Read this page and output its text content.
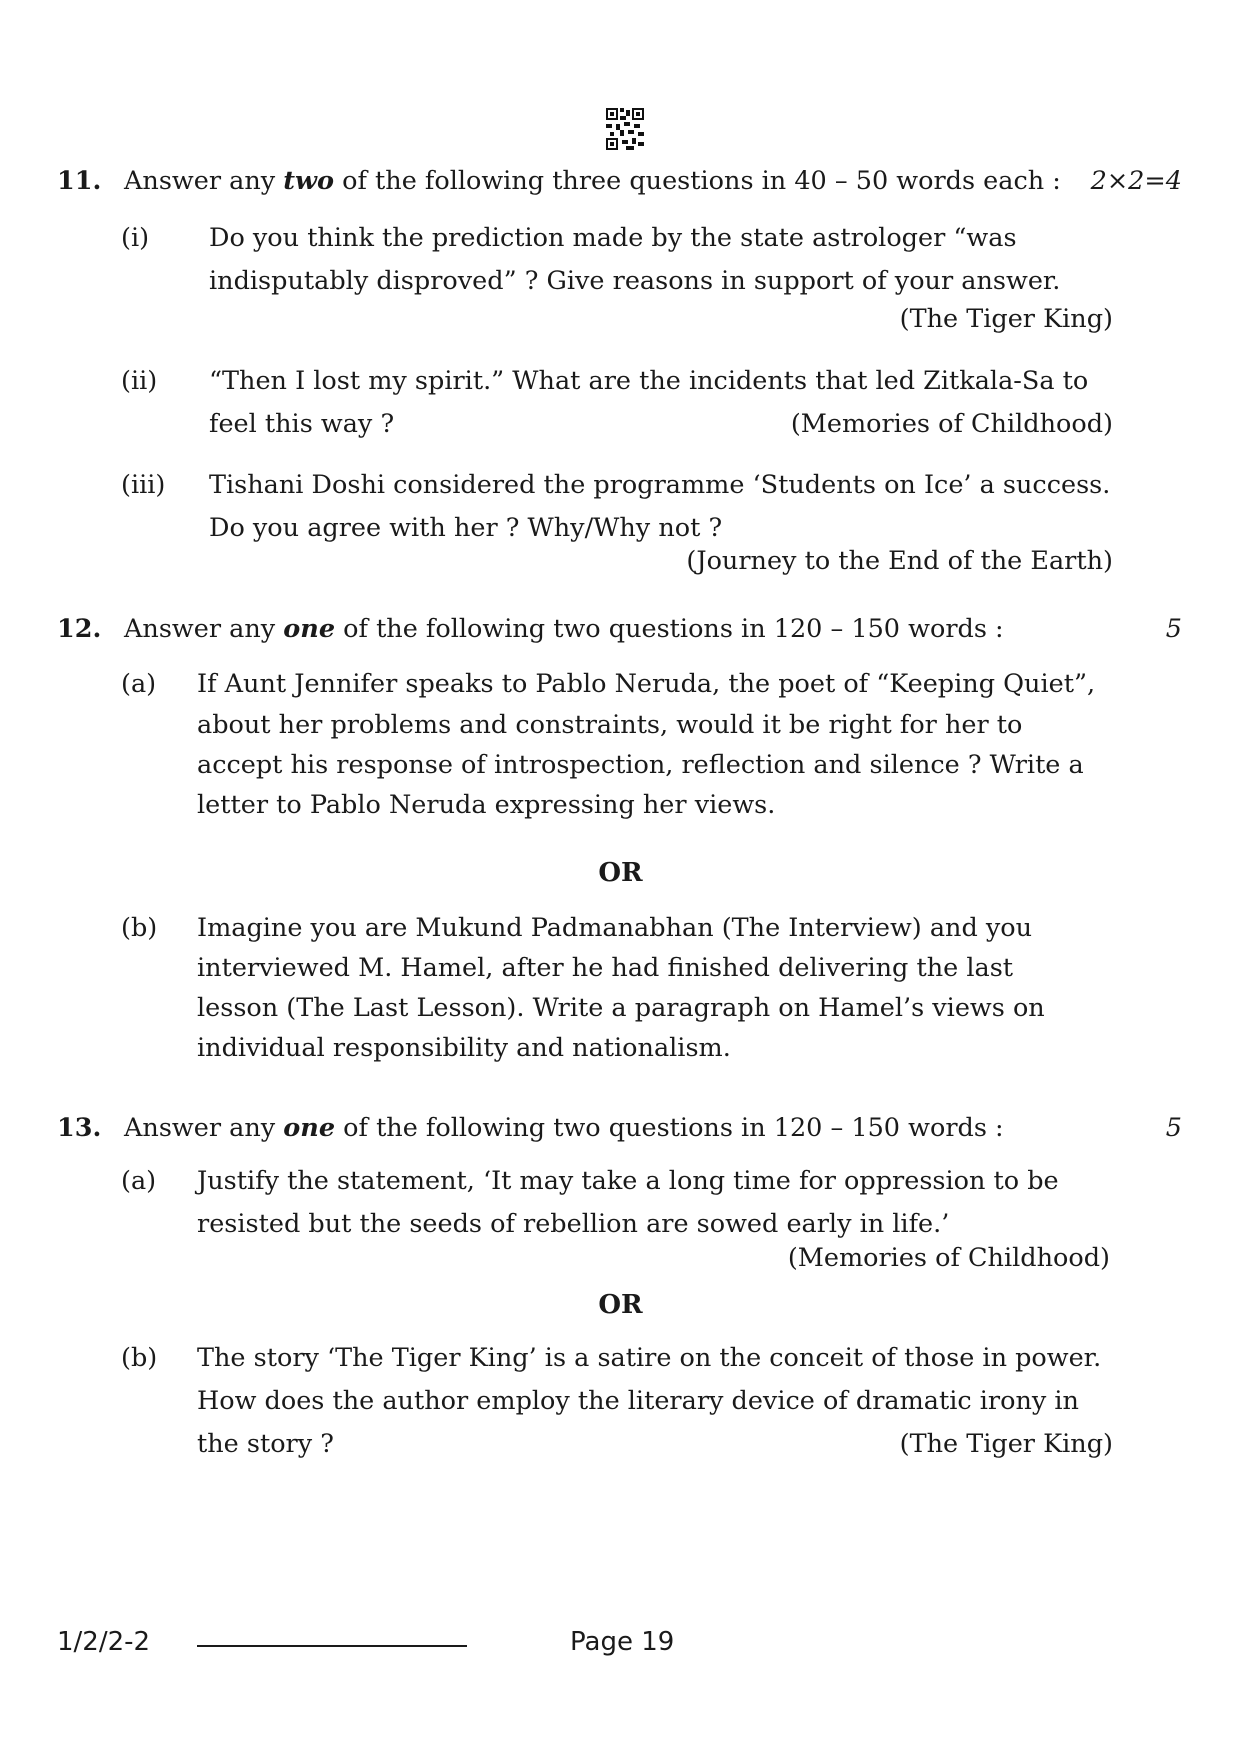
11. Answer any two of the following three questions in 40 – 50 words each :	2×2=4
(i) Do you think the prediction made by the state astrologer “was
indisputably disproved” ? Give reasons in support of your answer.
(The Tiger King)
(ii) “Then I lost my spirit.” What are the incidents that led Zitkala-Sa to
feel this way ?	(Memories of Childhood)
(iii) Tishani Doshi considered the programme ‘Students on Ice’ a success.
Do you agree with her ? Why/Why not ?
(Journey to the End of the Earth)
12. Answer any one of the following two questions in 120 – 150 words :	5
(a) If Aunt Jennifer speaks to Pablo Neruda, the poet of “Keeping Quiet”,
about her problems and constraints, would it be right for her to
accept his response of introspection, reflection and silence ? Write a
letter to Pablo Neruda expressing her views.
OR
(b) Imagine you are Mukund Padmanabhan (The Interview) and you
interviewed M. Hamel, after he had finished delivering the last
lesson (The Last Lesson). Write a paragraph on Hamel’s views on
individual responsibility and nationalism.
13. Answer any one of the following two questions in 120 – 150 words :	5
(a) Justify the statement, ‘It may take a long time for oppression to be
resisted but the seeds of rebellion are sowed early in life.’
(Memories of Childhood)
OR
(b) The story ‘The Tiger King’ is a satire on the conceit of those in power.
How does the author employ the literary device of dramatic irony in
the story ?	(The Tiger King)
1/2/2-2	Page 19
